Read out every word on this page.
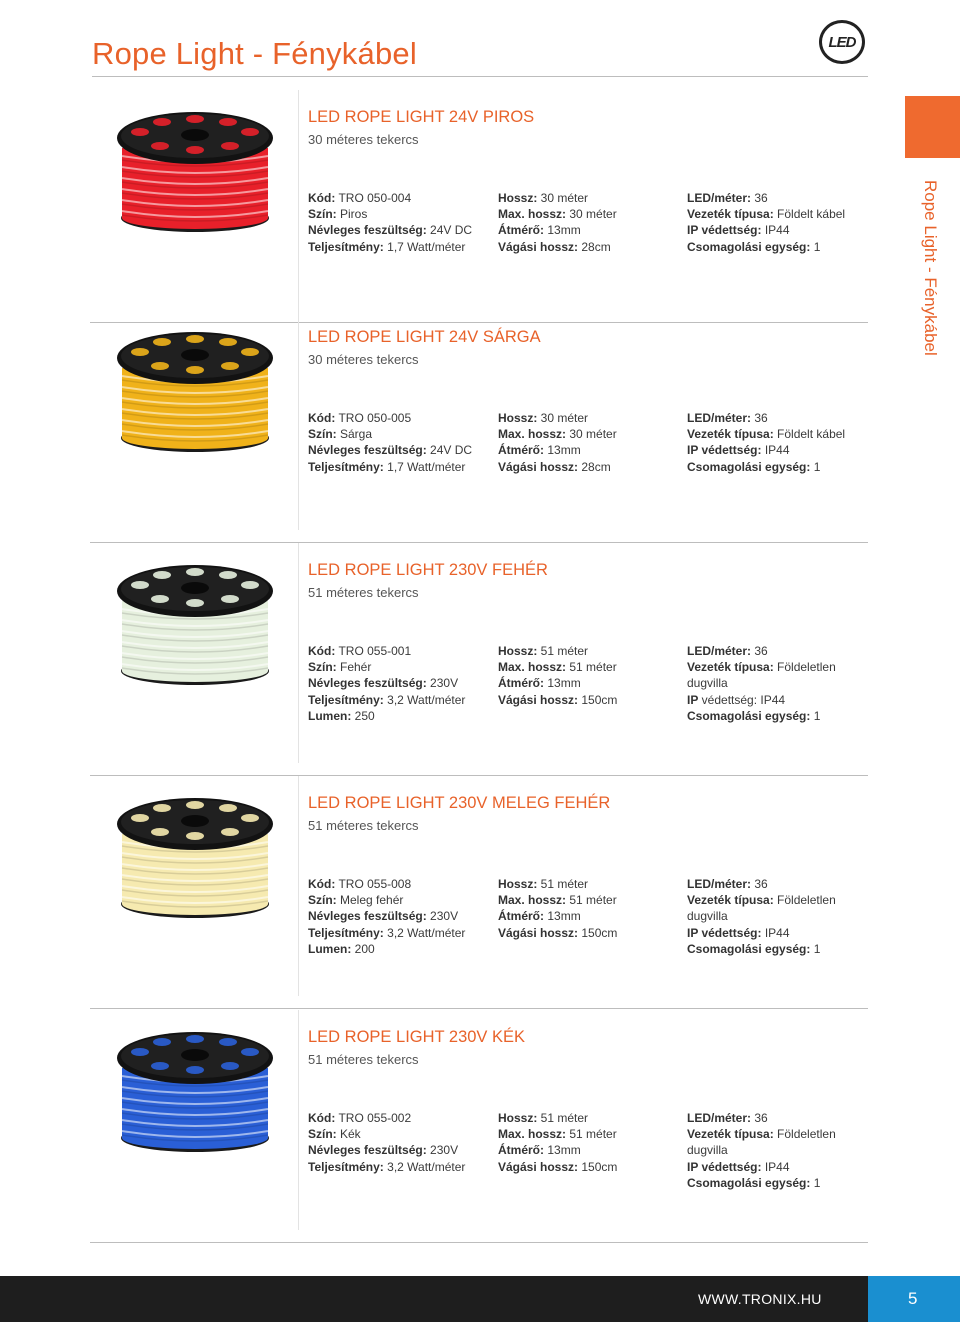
Rope Light - Fénykábel	LED
Rope Light - Fénykábel
LED ROPE LIGHT 24V PIROS
30 méteres tekercs
Kód: TRO 050-004
Szín: Piros
Névleges feszültség: 24V DC
Teljesítmény: 1,7 Watt/méter
Hossz: 30 méter
Max. hossz: 30 méter
Átmérő: 13mm
Vágási hossz: 28cm
LED/méter: 36
Vezeték típusa: Földelt kábel
IP védettség: IP44
Csomagolási egység: 1
LED ROPE LIGHT 24V SÁRGA
30 méteres tekercs
Kód: TRO 050-005
Szín: Sárga
Névleges feszültség: 24V DC
Teljesítmény: 1,7 Watt/méter
Hossz: 30 méter
Max. hossz: 30 méter
Átmérő: 13mm
Vágási hossz: 28cm
LED/méter: 36
Vezeték típusa: Földelt kábel
IP védettség: IP44
Csomagolási egység: 1
LED ROPE LIGHT 230V FEHÉR
51 méteres tekercs
Kód: TRO 055-001
Szín: Fehér
Névleges feszültség: 230V
Teljesítmény: 3,2 Watt/méter
Lumen: 250
Hossz: 51 méter
Max. hossz: 51 méter
Átmérő: 13mm
Vágási hossz: 150cm
LED/méter: 36
Vezeték típusa: Földeletlen
dugvilla
IP védettség: IP44
Csomagolási egység: 1
LED ROPE LIGHT 230V MELEG FEHÉR
51 méteres tekercs
Kód: TRO 055-008
Szín: Meleg fehér
Névleges feszültség: 230V
Teljesítmény: 3,2 Watt/méter
Lumen: 200
Hossz: 51 méter
Max. hossz: 51 méter
Átmérő: 13mm
Vágási hossz: 150cm
LED/méter: 36
Vezeték típusa: Földeletlen
dugvilla
IP védettség: IP44
Csomagolási egység: 1
LED ROPE LIGHT 230V KÉK
51 méteres tekercs
Kód: TRO 055-002
Szín: Kék
Névleges feszültség: 230V
Teljesítmény: 3,2 Watt/méter
Hossz: 51 méter
Max. hossz: 51 méter
Átmérő: 13mm
Vágási hossz: 150cm
LED/méter: 36
Vezeték típusa: Földeletlen
dugvilla
IP védettség: IP44
Csomagolási egység: 1
WWW.TRONIX.HU	5
